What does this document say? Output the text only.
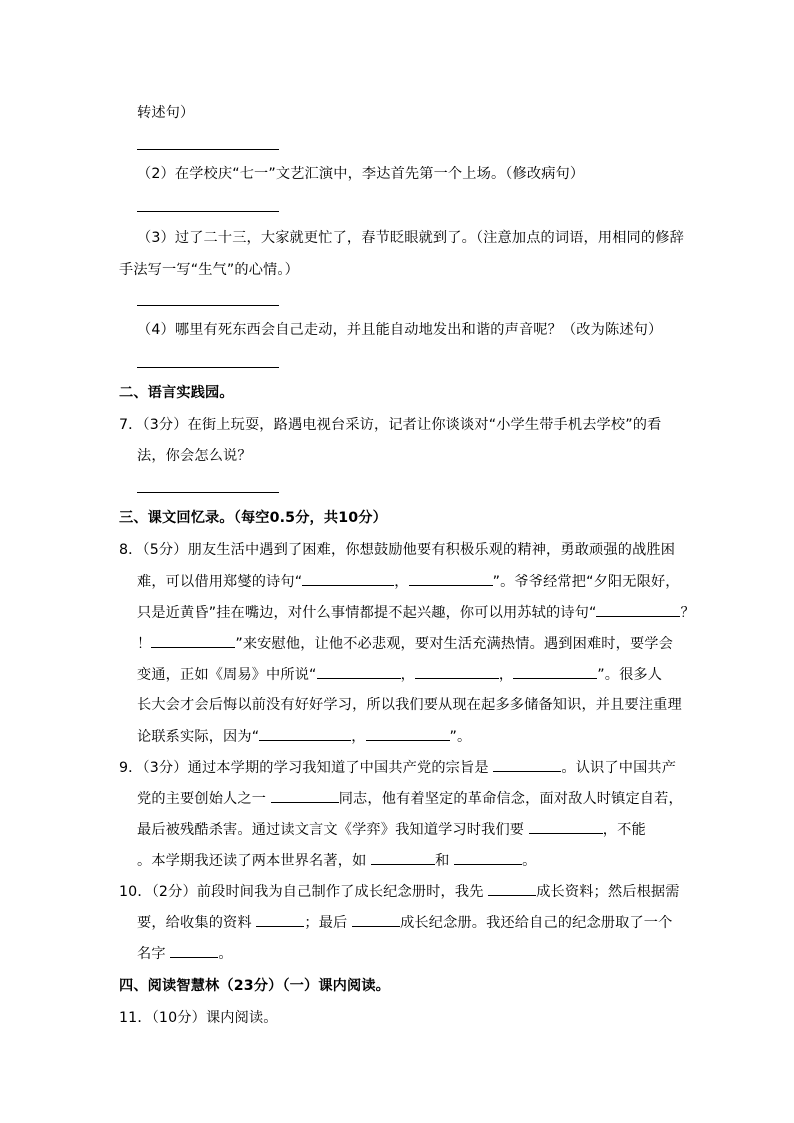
转述句）
（2）在学校庆“七一”文艺汇演中，李达首先第一个上场。（修改病句）
（3）过了二十三，大家就更忙了，春节眨眼就到了。（注意加点的词语，用相同的修辞
手法写一写“生气”的心情。）
（4）哪里有死东西会自己走动，并且能自动地发出和谐的声音呢？（改为陈述句）
二、语言实践园。
7．（3分）在街上玩耍，路遇电视台采访，记者让你谈谈对“小学生带手机去学校”的看
法，你会怎么说？
三、课文回忆录。（每空0.5分，共10分）
8．（5分）朋友生活中遇到了困难，你想鼓励他要有积极乐观的精神，勇敢顽强的战胜困
难，可以借用郑燮的诗句“	，	”。爷爷经常把“夕阳无限好，
只是近黄昏”挂在嘴边，对什么事情都提不起兴趣，你可以用苏轼的诗句“	？
！	”来安慰他，让他不必悲观，要对生活充满热情。遇到困难时，要学会
变通，正如《周易》中所说“	，	，	”。很多人
长大会才会后悔以前没有好好学习，所以我们要从现在起多多储备知识，并且要注重理
论联系实际，因为“	，	”。
9．（3分）通过本学期的学习我知道了中国共产党的宗旨是	。认识了中国共产
党的主要创始人之一	同志，他有着坚定的革命信念，面对敌人时镇定自若，
最后被残酷杀害。通过读文言文《学弈》我知道学习时我们要	，不能
。本学期我还读了两本世界名著，如	和	。
10．（2分）前段时间我为自己制作了成长纪念册时，我先	成长资料；然后根据需
要，给收集的资料	；最后	成长纪念册。我还给自己的纪念册取了一个
名字	。
四、阅读智慧林（23分）（一）课内阅读。
11．（10分）课内阅读。
